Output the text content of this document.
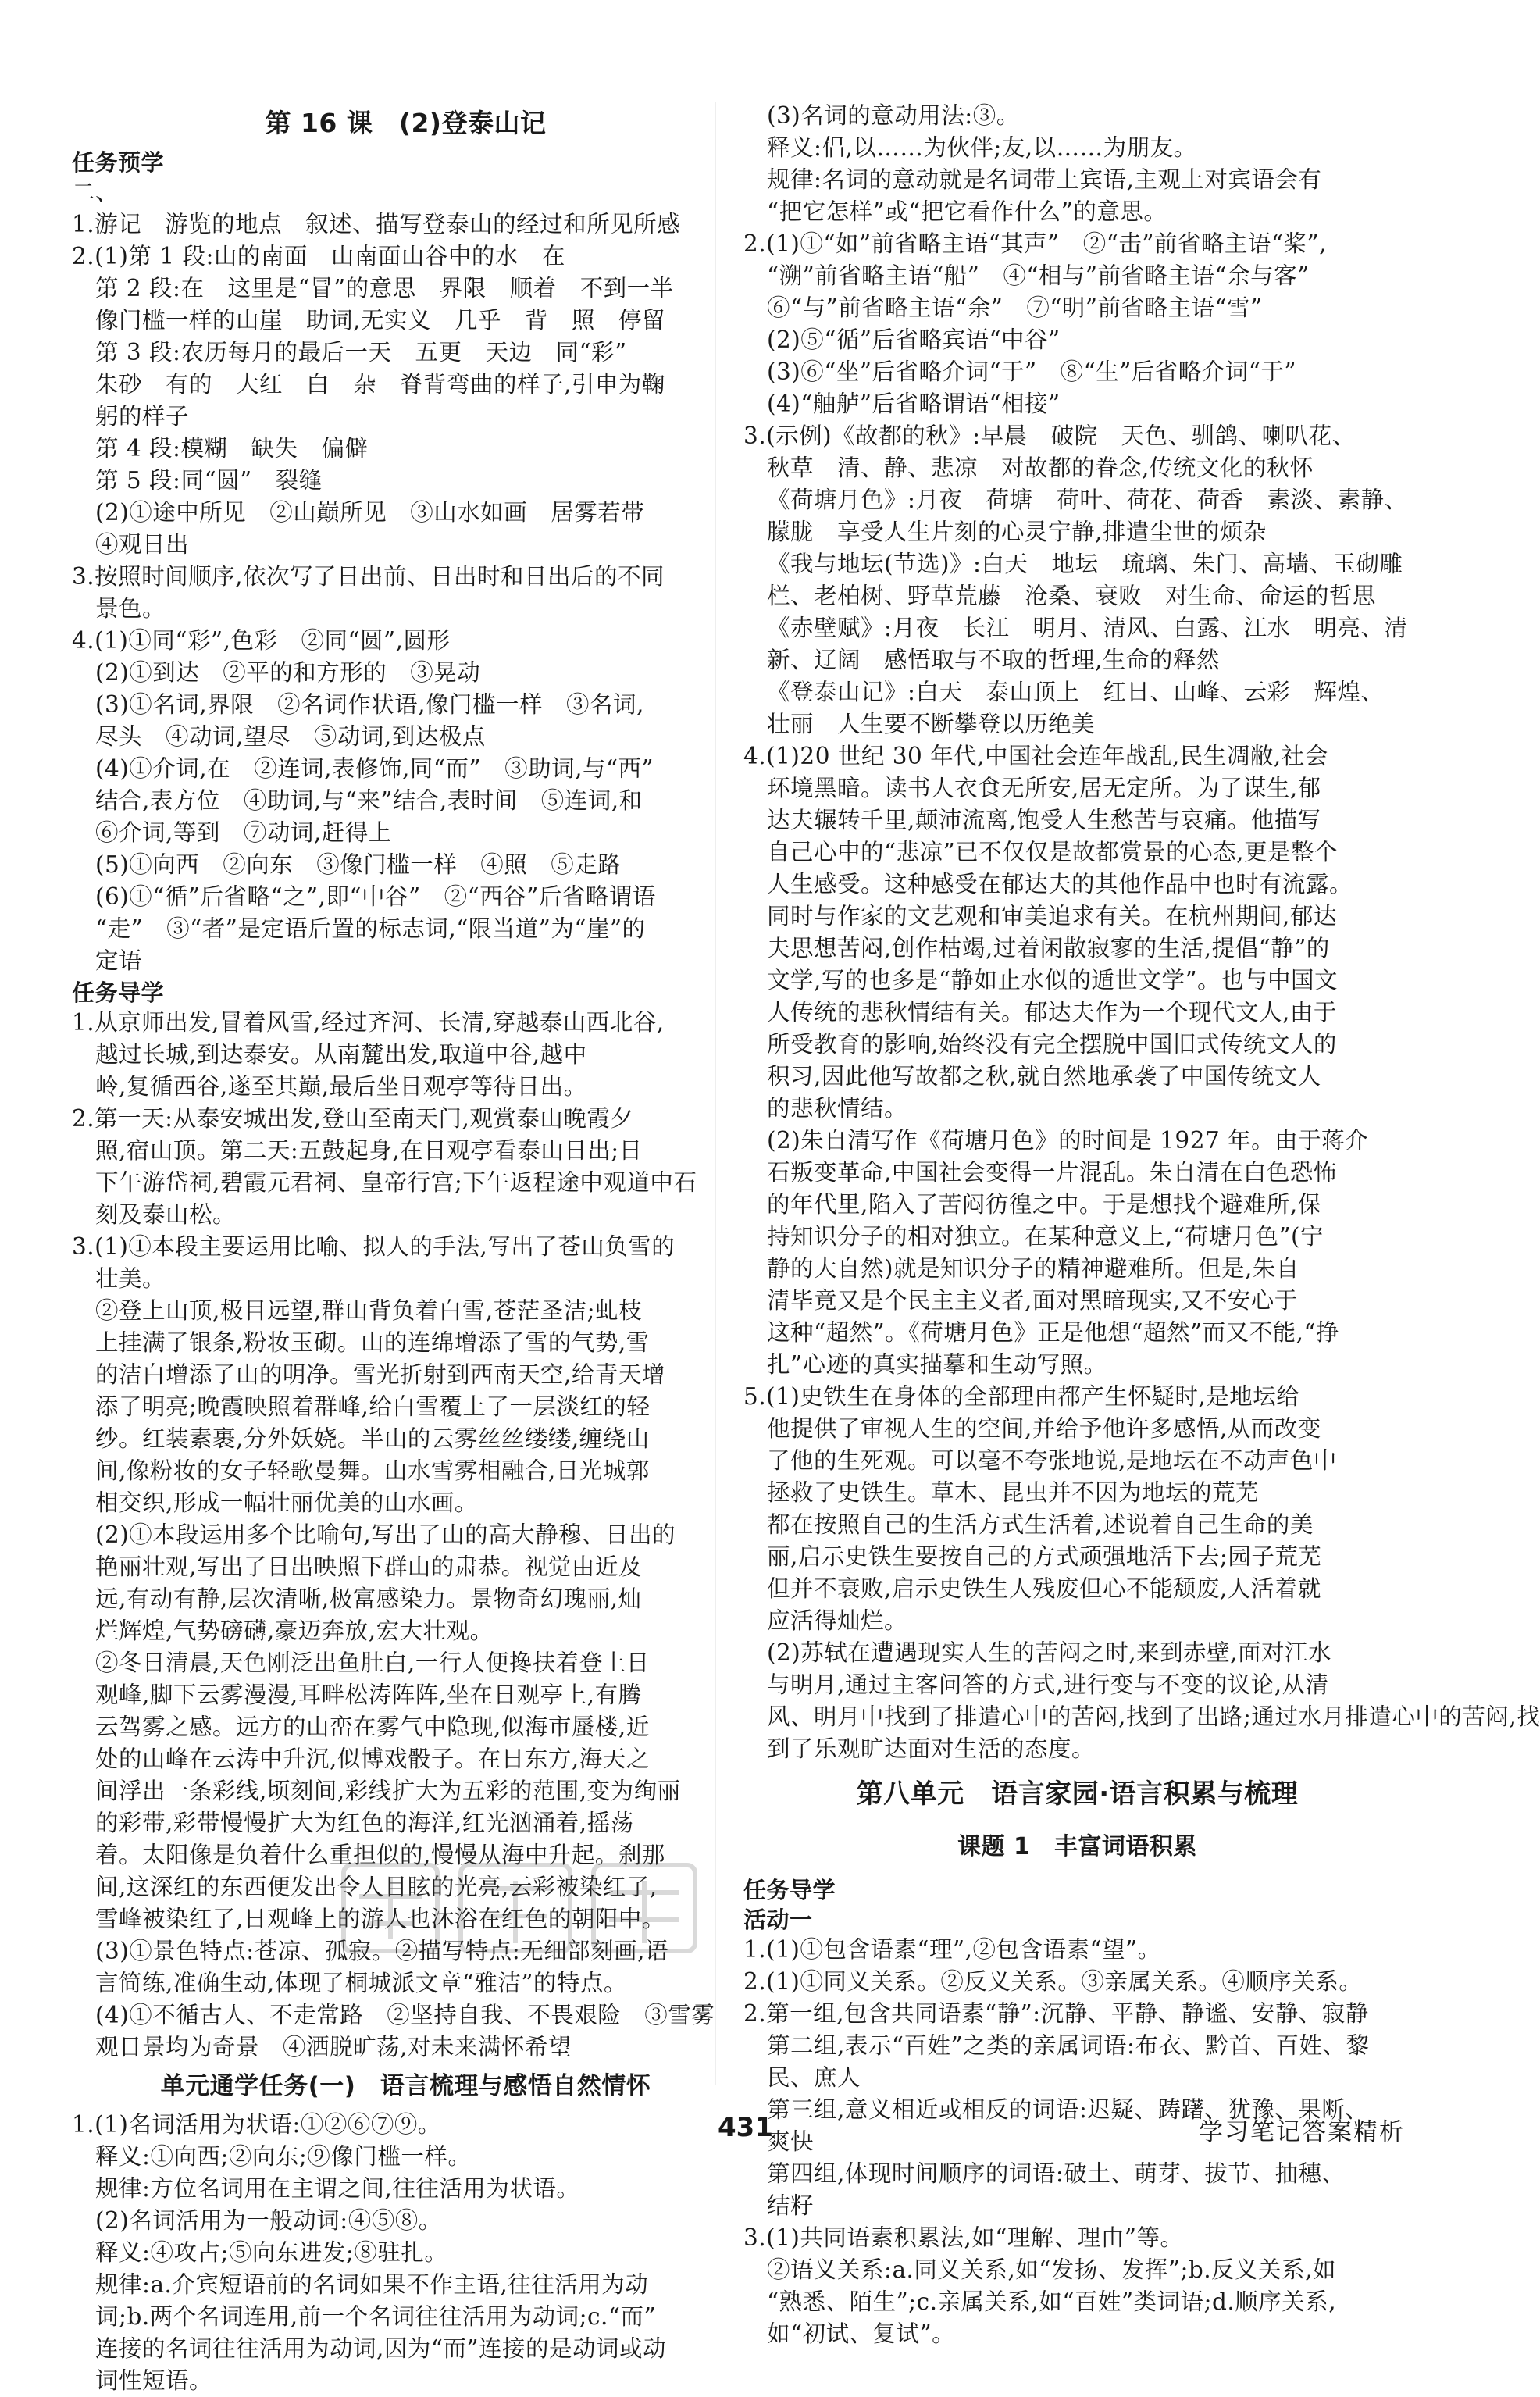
第 16 课　(2)登泰山记
任务预学
二、
1.游记　游览的地点　叙述、描写登泰山的经过和所见所感
2.(1)第 1 段:山的南面　山南面山谷中的水　在
第 2 段:在　这里是“冒”的意思　界限　顺着　不到一半
像门槛一样的山崖　助词,无实义　几乎　背　照　停留
第 3 段:农历每月的最后一天　五更　天边　同“彩”
朱砂　有的　大红　白　杂　脊背弯曲的样子,引申为鞠
躬的样子
第 4 段:模糊　缺失　偏僻
第 5 段:同“圆”　裂缝
(2)①途中所见　②山巅所见　③山水如画　居雾若带
④观日出
3.按照时间顺序,依次写了日出前、日出时和日出后的不同
景色。
4.(1)①同“彩”,色彩　②同“圆”,圆形
(2)①到达　②平的和方形的　③晃动
(3)①名词,界限　②名词作状语,像门槛一样　③名词,
尽头　④动词,望尽　⑤动词,到达极点
(4)①介词,在　②连词,表修饰,同“而”　③助词,与“西”
结合,表方位　④助词,与“来”结合,表时间　⑤连词,和
⑥介词,等到　⑦动词,赶得上
(5)①向西　②向东　③像门槛一样　④照　⑤走路
(6)①“循”后省略“之”,即“中谷”　②“西谷”后省略谓语
“走”　③“者”是定语后置的标志词,“限当道”为“崖”的
定语
任务导学
1.从京师出发,冒着风雪,经过齐河、长清,穿越泰山西北谷,
越过长城,到达泰安。从南麓出发,取道中谷,越中
岭,复循西谷,遂至其巅,最后坐日观亭等待日出。
2.第一天:从泰安城出发,登山至南天门,观赏泰山晚霞夕
照,宿山顶。第二天:五鼓起身,在日观亭看泰山日出;日
下午游岱祠,碧霞元君祠、皇帝行宫;下午返程途中观道中石
刻及泰山松。
3.(1)①本段主要运用比喻、拟人的手法,写出了苍山负雪的
壮美。
②登上山顶,极目远望,群山背负着白雪,苍茫圣洁;虬枝
上挂满了银条,粉妆玉砌。山的连绵增添了雪的气势,雪
的洁白增添了山的明净。雪光折射到西南天空,给青天增
添了明亮;晚霞映照着群峰,给白雪覆上了一层淡红的轻
纱。红装素裹,分外妖娆。半山的云雾丝丝缕缕,缠绕山
间,像粉妆的女子轻歌曼舞。山水雪雾相融合,日光城郭
相交织,形成一幅壮丽优美的山水画。
(2)①本段运用多个比喻句,写出了山的高大静穆、日出的
艳丽壮观,写出了日出映照下群山的肃恭。视觉由近及
远,有动有静,层次清晰,极富感染力。景物奇幻瑰丽,灿
烂辉煌,气势磅礴,豪迈奔放,宏大壮观。
②冬日清晨,天色刚泛出鱼肚白,一行人便搀扶着登上日
观峰,脚下云雾漫漫,耳畔松涛阵阵,坐在日观亭上,有腾
云驾雾之感。远方的山峦在雾气中隐现,似海市蜃楼,近
处的山峰在云涛中升沉,似博戏骰子。在日东方,海天之
间浮出一条彩线,顷刻间,彩线扩大为五彩的范围,变为绚丽
的彩带,彩带慢慢扩大为红色的海洋,红光汹涌着,摇荡
着。太阳像是负着什么重担似的,慢慢从海中升起。刹那
间,这深红的东西便发出令人目眩的光亮,云彩被染红了,
雪峰被染红了,日观峰上的游人也沐浴在红色的朝阳中。
(3)①景色特点:苍凉、孤寂。②描写特点:无细部刻画,语
言简练,准确生动,体现了桐城派文章“雅洁”的特点。
(4)①不循古人、不走常路　②坚持自我、不畏艰险　③雪雾
观日景均为奇景　④洒脱旷荡,对未来满怀希望
单元通学任务(一)　语言梳理与感悟自然情怀
1.(1)名词活用为状语:①②⑥⑦⑨。
释义:①向西;②向东;⑨像门槛一样。
规律:方位名词用在主谓之间,往往活用为状语。
(2)名词活用为一般动词:④⑤⑧。
释义:④攻占;⑤向东进发;⑧驻扎。
规律:a.介宾短语前的名词如果不作主语,往往活用为动
词;b.两个名词连用,前一个名词往往活用为动词;c.“而”
连接的名词往往活用为动词,因为“而”连接的是动词或动
词性短语。
(3)名词的意动用法:③。
释义:侣,以……为伙伴;友,以……为朋友。
规律:名词的意动就是名词带上宾语,主观上对宾语会有
“把它怎样”或“把它看作什么”的意思。
2.(1)①“如”前省略主语“其声”　②“击”前省略主语“桨”,
“溯”前省略主语“船”　④“相与”前省略主语“余与客”
⑥“与”前省略主语“余”　⑦“明”前省略主语“雪”
(2)⑤“循”后省略宾语“中谷”
(3)⑥“坐”后省略介词“于”　⑧“生”后省略介词“于”
(4)“舳舻”后省略谓语“相接”
3.(示例)《故都的秋》:早晨　破院　天色、驯鸽、喇叭花、
秋草　清、静、悲凉　对故都的眷念,传统文化的秋怀
《荷塘月色》:月夜　荷塘　荷叶、荷花、荷香　素淡、素静、
朦胧　享受人生片刻的心灵宁静,排遣尘世的烦杂
《我与地坛(节选)》:白天　地坛　琉璃、朱门、高墙、玉砌雕
栏、老柏树、野草荒藤　沧桑、衰败　对生命、命运的哲思
《赤壁赋》:月夜　长江　明月、清风、白露、江水　明亮、清
新、辽阔　感悟取与不取的哲理,生命的释然
《登泰山记》:白天　泰山顶上　红日、山峰、云彩　辉煌、
壮丽　人生要不断攀登以历绝美
4.(1)20 世纪 30 年代,中国社会连年战乱,民生凋敝,社会
环境黑暗。读书人衣食无所安,居无定所。为了谋生,郁
达夫辗转千里,颠沛流离,饱受人生愁苦与哀痛。他描写
自己心中的“悲凉”已不仅仅是故都赏景的心态,更是整个
人生感受。这种感受在郁达夫的其他作品中也时有流露。
同时与作家的文艺观和审美追求有关。在杭州期间,郁达
夫思想苦闷,创作枯竭,过着闲散寂寥的生活,提倡“静”的
文学,写的也多是“静如止水似的遁世文学”。也与中国文
人传统的悲秋情结有关。郁达夫作为一个现代文人,由于
所受教育的影响,始终没有完全摆脱中国旧式传统文人的
积习,因此他写故都之秋,就自然地承袭了中国传统文人
的悲秋情结。
(2)朱自清写作《荷塘月色》的时间是 1927 年。由于蒋介
石叛变革命,中国社会变得一片混乱。朱自清在白色恐怖
的年代里,陷入了苦闷彷徨之中。于是想找个避难所,保
持知识分子的相对独立。在某种意义上,“荷塘月色”(宁
静的大自然)就是知识分子的精神避难所。但是,朱自
清毕竟又是个民主主义者,面对黑暗现实,又不安心于
这种“超然”。《荷塘月色》正是他想“超然”而又不能,“挣
扎”心迹的真实描摹和生动写照。
5.(1)史铁生在身体的全部理由都产生怀疑时,是地坛给
他提供了审视人生的空间,并给予他许多感悟,从而改变
了他的生死观。可以毫不夸张地说,是地坛在不动声色中
拯救了史铁生。草木、昆虫并不因为地坛的荒芜
都在按照自己的生活方式生活着,述说着自己生命的美
丽,启示史铁生要按自己的方式顽强地活下去;园子荒芜
但并不衰败,启示史铁生人残废但心不能颓废,人活着就
应活得灿烂。
(2)苏轼在遭遇现实人生的苦闷之时,来到赤壁,面对江水
与明月,通过主客问答的方式,进行变与不变的议论,从清
风、明月中找到了排遣心中的苦闷,找到了出路;通过水月排遣心中的苦闷,找
到了乐观旷达面对生活的态度。
第八单元　语言家园·语言积累与梳理
课题 1　丰富词语积累
任务导学
活动一
1.(1)①包含语素“理”,②包含语素“望”。
2.(1)①同义关系。②反义关系。③亲属关系。④顺序关系。
2.第一组,包含共同语素“静”:沉静、平静、静谧、安静、寂静
第二组,表示“百姓”之类的亲属词语:布衣、黔首、百姓、黎
民、庶人
第三组,意义相近或相反的词语:迟疑、踌躇、犹豫、果断、
爽快
第四组,体现时间顺序的词语:破土、萌芽、拔节、抽穗、
结籽
3.(1)共同语素积累法,如“理解、理由”等。
②语义关系:a.同义关系,如“发扬、发挥”;b.反义关系,如
“熟悉、陌生”;c.亲属关系,如“百姓”类词语;d.顺序关系,
如“初试、复试”。
431	学习笔记答案精析
